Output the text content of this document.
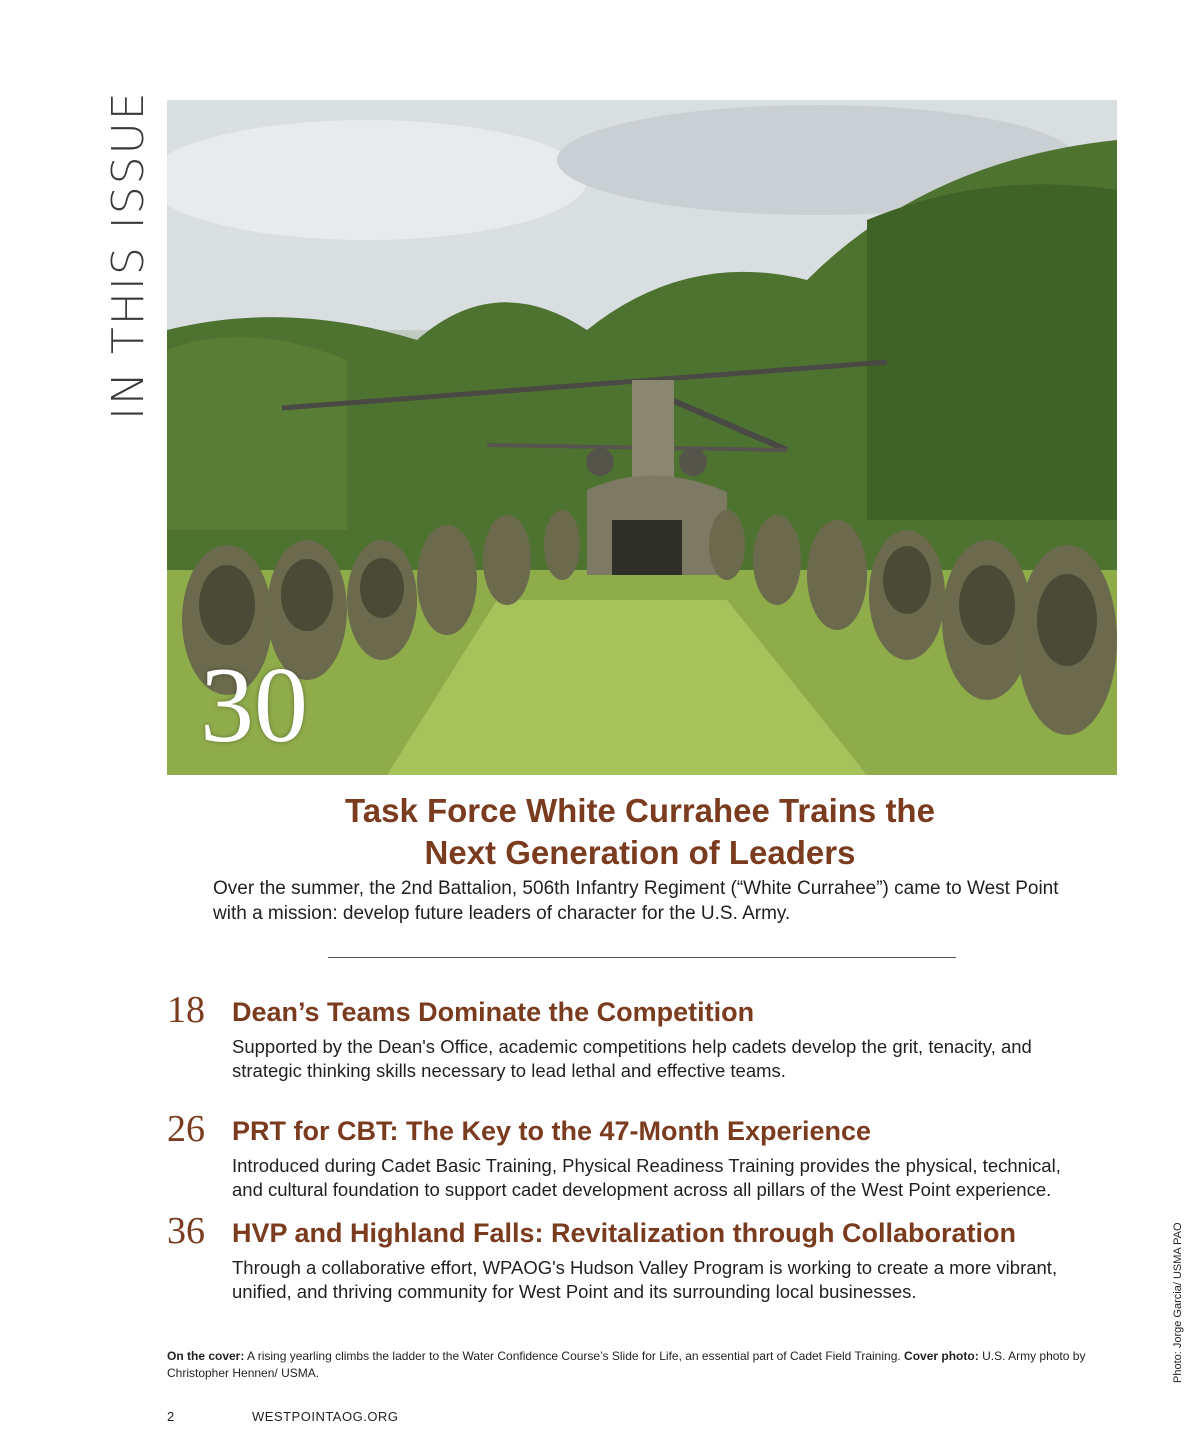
IN THIS ISSUE
30
Task Force White Currahee Trains the
Next Generation of Leaders
Over the summer, the 2nd Battalion, 506th Infantry Regiment (“White Currahee”) came to West Point with a mission: develop future leaders of character for the U.S. Army.
18	Dean’s Teams Dominate the Competition
Supported by the Dean's Office, academic competitions help cadets develop the grit, tenacity, and strategic thinking skills necessary to lead lethal and effective teams.
26	PRT for CBT: The Key to the 47-Month Experience
Introduced during Cadet Basic Training, Physical Readiness Training provides the physical, technical, and cultural foundation to support cadet development across all pillars of the West Point experience.
36	HVP and Highland Falls: Revitalization through Collaboration
Through a collaborative effort, WPAOG's Hudson Valley Program is working to create a more vibrant, unified, and thriving community for West Point and its surrounding local businesses.	Photo: Jorge Garcia/ USMA PAO
On the cover: A rising yearling climbs the ladder to the Water Confidence Course’s Slide for Life, an essential part of Cadet Field Training. Cover photo: U.S. Army photo by Christopher Hennen/ USMA.
2	WESTPOINTAOG.ORG
